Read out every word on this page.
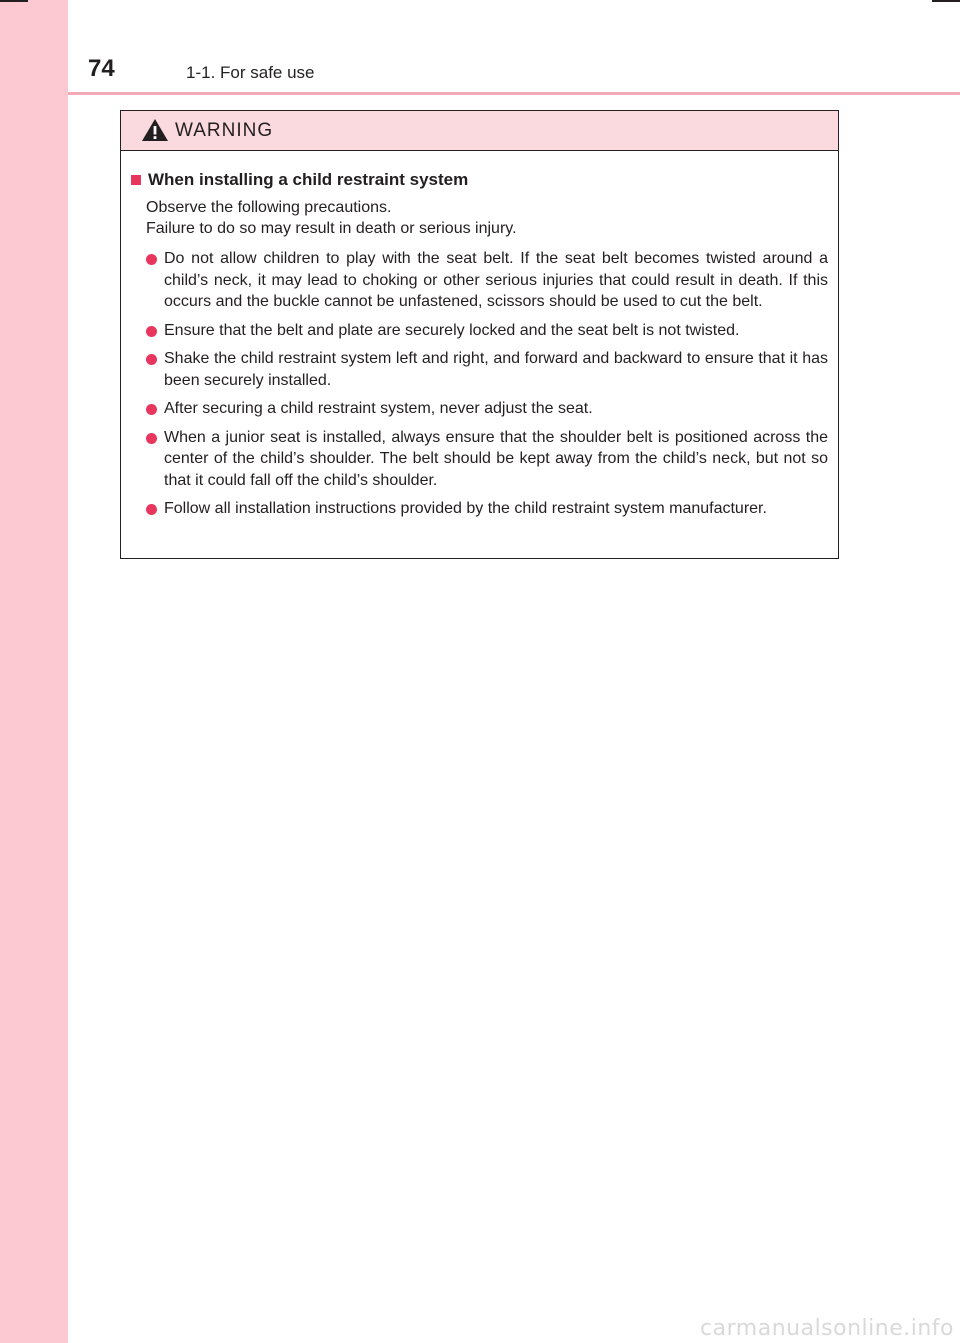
74	1-1. For safe use
WARNING
When installing a child restraint system
Observe the following precautions.
Failure to do so may result in death or serious injury.
Do not allow children to play with the seat belt. If the seat belt becomes twisted around a child’s neck, it may lead to choking or other serious injuries that could result in death. If this occurs and the buckle cannot be unfastened, scissors should be used to cut the belt.
Ensure that the belt and plate are securely locked and the seat belt is not twisted.
Shake the child restraint system left and right, and forward and backward to ensure that it has been securely installed.
After securing a child restraint system, never adjust the seat.
When a junior seat is installed, always ensure that the shoulder belt is positioned across the center of the child’s shoulder. The belt should be kept away from the child’s neck, but not so that it could fall off the child’s shoulder.
Follow all installation instructions provided by the child restraint system manufacturer.
carmanualsonline.info
